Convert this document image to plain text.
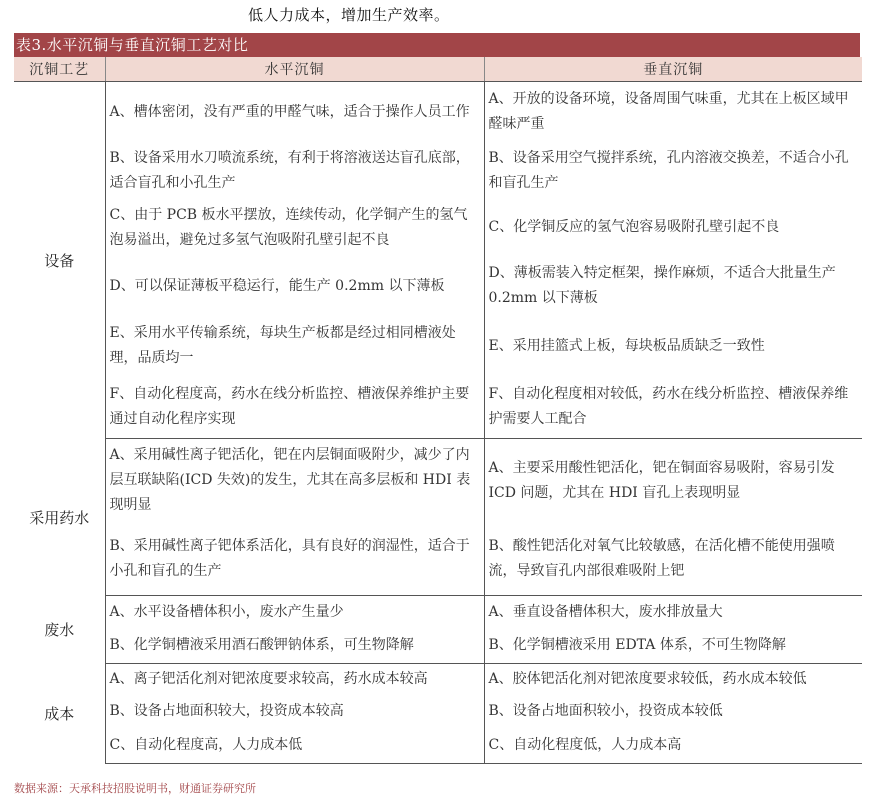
低人力成本，增加生产效率。
表3.水平沉铜与垂直沉铜工艺对比
沉铜工艺	水平沉铜	垂直沉铜
设备	A、槽体密闭，没有严重的甲醛气味，适合于操作人员工作	A、开放的设备环境，设备周围气味重，尤其在上板区域甲醛味严重
	B、设备采用水刀喷流系统，有利于将溶液送达盲孔底部，适合盲孔和小孔生产	B、设备采用空气搅拌系统，孔内溶液交换差，不适合小孔和盲孔生产
	C、由于 PCB 板水平摆放，连续传动，化学铜产生的氢气泡易溢出，避免过多氢气泡吸附孔壁引起不良	C、化学铜反应的氢气泡容易吸附孔壁引起不良
	D、可以保证薄板平稳运行，能生产 0.2mm 以下薄板	D、薄板需装入特定框架，操作麻烦，不适合大批量生产 0.2mm 以下薄板
	E、采用水平传输系统，每块生产板都是经过相同槽液处理，品质均一	E、采用挂篮式上板，每块板品质缺乏一致性
	F、自动化程度高，药水在线分析监控、槽液保养维护主要通过自动化程序实现	F、自动化程度相对较低，药水在线分析监控、槽液保养维护需要人工配合
采用药水	A、采用碱性离子钯活化，钯在内层铜面吸附少，减少了内层互联缺陷(ICD 失效)的发生，尤其在高多层板和 HDI 表现明显	A、主要采用酸性钯活化，钯在铜面容易吸附，容易引发 ICD 问题，尤其在 HDI 盲孔上表现明显
	B、采用碱性离子钯体系活化，具有良好的润湿性，适合于小孔和盲孔的生产	B、酸性钯活化对氧气比较敏感，在活化槽不能使用强喷流，导致盲孔内部很难吸附上钯
废水	A、水平设备槽体积小，废水产生量少	A、垂直设备槽体积大，废水排放量大
	B、化学铜槽液采用酒石酸钾钠体系，可生物降解	B、化学铜槽液采用 EDTA 体系，不可生物降解
成本	A、离子钯活化剂对钯浓度要求较高，药水成本较高	A、胶体钯活化剂对钯浓度要求较低，药水成本较低
	B、设备占地面积较大，投资成本较高	B、设备占地面积较小，投资成本较低
	C、自动化程度高，人力成本低	C、自动化程度低，人力成本高
数据来源：天承科技招股说明书，财通证券研究所
